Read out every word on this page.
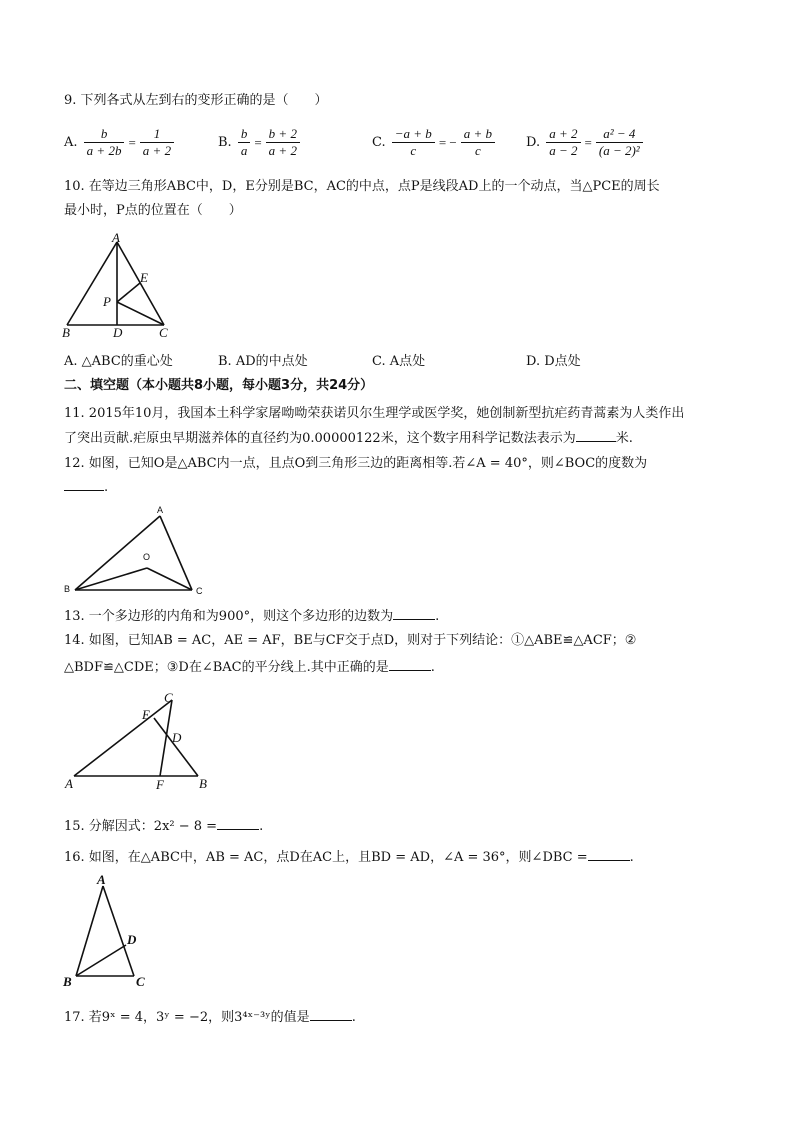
9. 下列各式从左到右的变形正确的是（　　）
A. $\frac{b}{a + 2b} = \frac{1}{a + 2}$	B. $\frac{b}{a} = \frac{b + 2}{a + 2}$	C. $\frac{-a + b}{c}$ = − $\frac{a + b}{c} D$. $\frac{a + 2}{a - 2} = \frac{\text{a² − 4}}{\text{(a − 2)²}}$
10. 在等边三角形ABC中，D，E分别是BC，AC的中点，点P是线段AD上的一个动点，当△PCE的周长
最小时，P点的位置在（　　）
A
B	C
D
E
P
A. △ABC的重心处	B. AD的中点处	C. A点处	D. D点处
二、填空题（本小题共8小题，每小题3分，共24分）
11. 2015年10月，我国本土科学家屠呦呦荣获诺贝尔生理学或医学奖，她创制新型抗疟药青蒿素为人类作出
了突出贡献.疟原虫早期滋养体的直径约为0.00000122米，这个数字用科学记数法表示为	米.
12. 如图，已知O是△ABC内一点，且点O到三角形三边的距离相等.若∠A = 40°，则∠BOC的度数为
.
A
B	C
O
13. 一个多边形的内角和为900°，则这个多边形的边数为	.
14. 如图，已知AB = AC，AE = AF，BE与CF交于点D，则对于下列结论：①△ABE≌△ACF；②
△BDF≌△CDE；③D在∠BAC的平分线上.其中正确的是	.
A	B
C
D
E
F
15. 分解因式：2x² − 8 =	.
16. 如图，在△ABC中，AB = AC，点D在AC上，且BD = AD，∠A = 36°，则∠DBC =	.
A
B	C
D
17. 若9ˣ = 4，3ʸ = −2，则3⁴ˣ⁻³ʸ的值是	.
